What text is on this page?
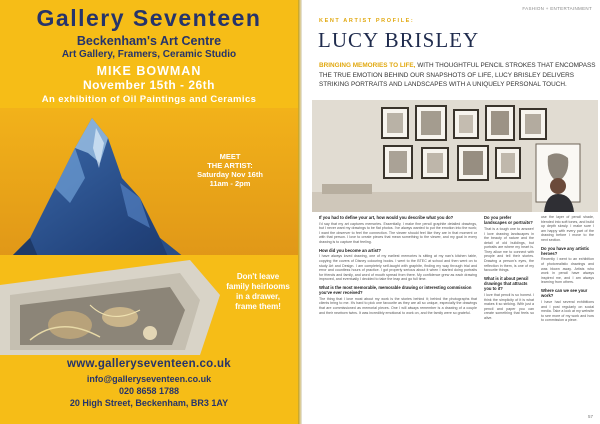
Gallery Seventeen
Beckenham's Art Centre
Art Gallery, Framers, Ceramic Studio
MIKE BOWMAN
November 15th - 26th
An exhibition of Oil Paintings and Ceramics
MEET
THE ARTIST:
Saturday Nov 16th
11am - 2pm
Don't leave
family heirlooms
in a drawer,
frame them!
www.galleryseventeen.co.uk
info@galleryseventeen.co.uk
020 8658 1788
20 High Street, Beckenham, BR3 1AY
FASHION + ENTERTAINMENT
KENT ARTIST PROFILE:
LUCY BRISLEY
BRINGING MEMORIES TO LIFE, WITH THOUGHTFUL PENCIL STROKES THAT ENCOMPASS THE TRUE EMOTION BEHIND OUR SNAPSHOTS OF LIFE, LUCY BRISLEY DELIVERS STRIKING PORTRAITS AND LANDSCAPES WITH A UNIQUELY PERSONAL TOUCH.
If you had to define your art, how would you describe what you do?

I'd say that my art captures memories. Essentially, I make fine pencil graphite detailed drawings, but I never want my drawings to be flat photos. I've always wanted to put the emotion into the work; I want the observer to feel the connection. The viewer should feel like they are in that moment or with that person. I love to create pieces that mean something to the viewer, and my goal in every drawing is to capture that feeling.

How did you become an artist?

I have always loved drawing, one of my earliest memories is sitting at my nan's kitchen table, copying the covers of Disney colouring books. I went to the BTEC at school and then went on to study Art and Design. I am completely self-taught with graphite, finding my way through trial and error and countless hours of practice. I got properly serious about it when I started doing portraits for friends and family, and word of mouth spread from there. My confidence grew as each drawing improved, and eventually I decided to take the leap and go full time.

What is the most memorable, memorable drawing or interesting commission you've ever received?

The thing that I love most about my work is the stories behind it; behind the photographs that clients bring to me. It's hard to pick one favourite as they are all so unique, especially the drawings that are commissioned as memorial pieces. One I will always remember is a drawing of a couple and their newborn twins. It was incredibly emotional to work on, and the family were so grateful.

Do you prefer landscapes or portraits?

That is a tough one to answer! I love drawing landscapes in the beauty of nature and the detail of old buildings, but portraits are where my heart is. They allow me to connect with people and tell their stories. Drawing a person's eyes, the reflection in them, is one of my favourite things.

What is it about pencil drawings that attracts you to it?

I love that pencil is so honest. I think the simplicity of it is what makes it so striking. With just a pencil and paper you can create something that feels so alive.

use the layer of pencil shade, blended into soft tones, and build up depth slowly. I make sure I am happy with every part of the drawing before I move to the next section.

Do you have any artistic heroes?

Recently I went to an exhibition of photorealistic drawings and was blown away. Artists who work in pencil have always inspired me, and I am always learning from others.

Where can we see your work?

I have had several exhibitions and I post regularly on social media. Take a look at my website to see more of my work and how to commission a piece.

57
